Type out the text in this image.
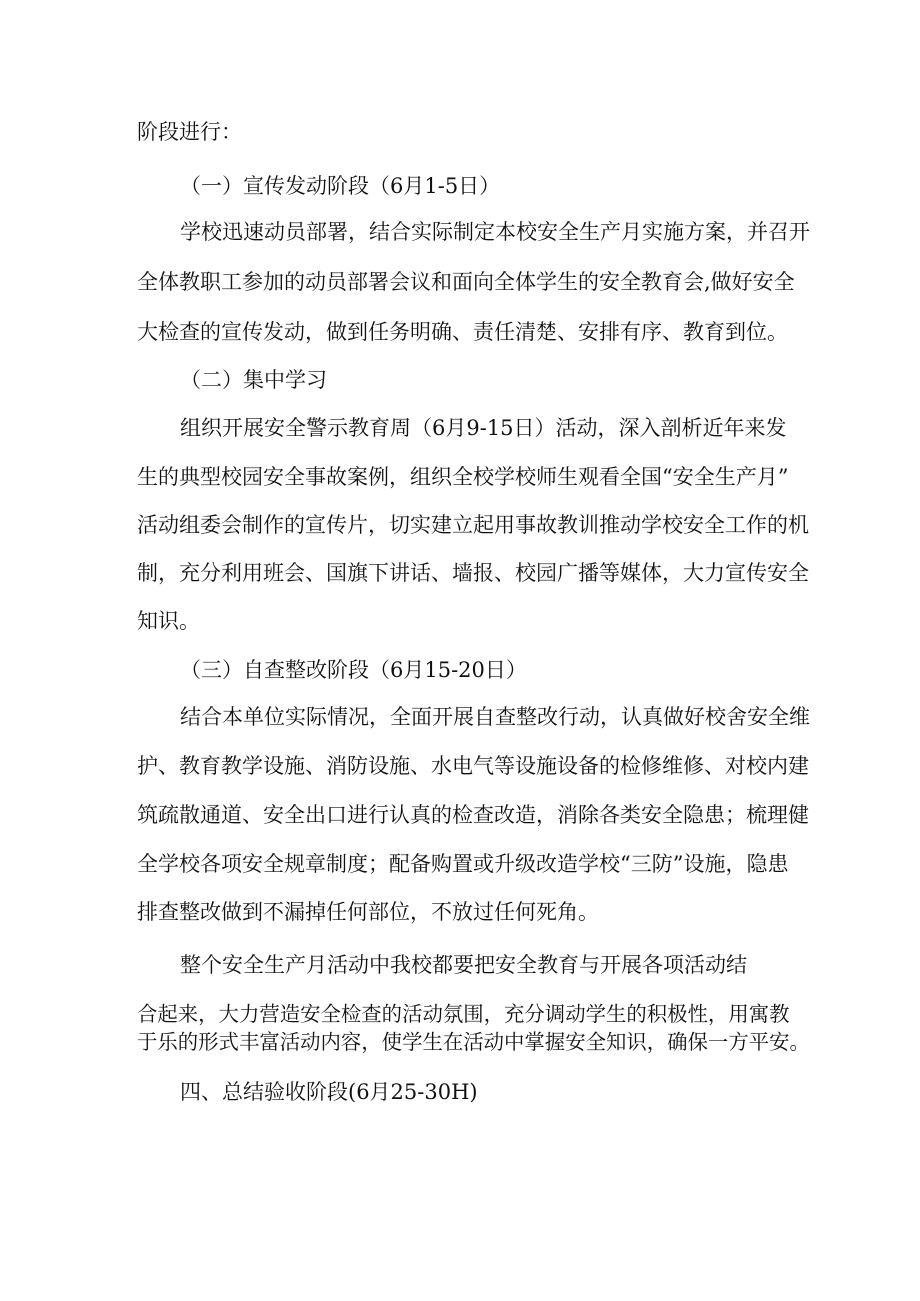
阶段进行：

（一）宣传发动阶段（6月1-5日）

学校迅速动员部署，结合实际制定本校安全生产月实施方案，并召开

全体教职工参加的动员部署会议和面向全体学生的安全教育会,做好安全

大检查的宣传发动，做到任务明确、责任清楚、安排有序、教育到位。

（二）集中学习

组织开展安全警示教育周（6月9-15日）活动，深入剖析近年来发

生的典型校园安全事故案例，组织全校学校师生观看全国“安全生产月”

活动组委会制作的宣传片，切实建立起用事故教训推动学校安全工作的机

制，充分利用班会、国旗下讲话、墙报、校园广播等媒体，大力宣传安全

知识。

（三）自查整改阶段（6月15-20日）

结合本单位实际情况，全面开展自查整改行动，认真做好校舍安全维

护、教育教学设施、消防设施、水电气等设施设备的检修维修、对校内建

筑疏散通道、安全出口进行认真的检查改造，消除各类安全隐患；梳理健

全学校各项安全规章制度；配备购置或升级改造学校“三防”设施，隐患

排查整改做到不漏掉任何部位，不放过任何死角。

整个安全生产月活动中我校都要把安全教育与开展各项活动结

合起来，大力营造安全检查的活动氛围，充分调动学生的积极性，用寓教

于乐的形式丰富活动内容，使学生在活动中掌握安全知识，确保一方平安。

四、总结验收阶段(6月25-30H)
